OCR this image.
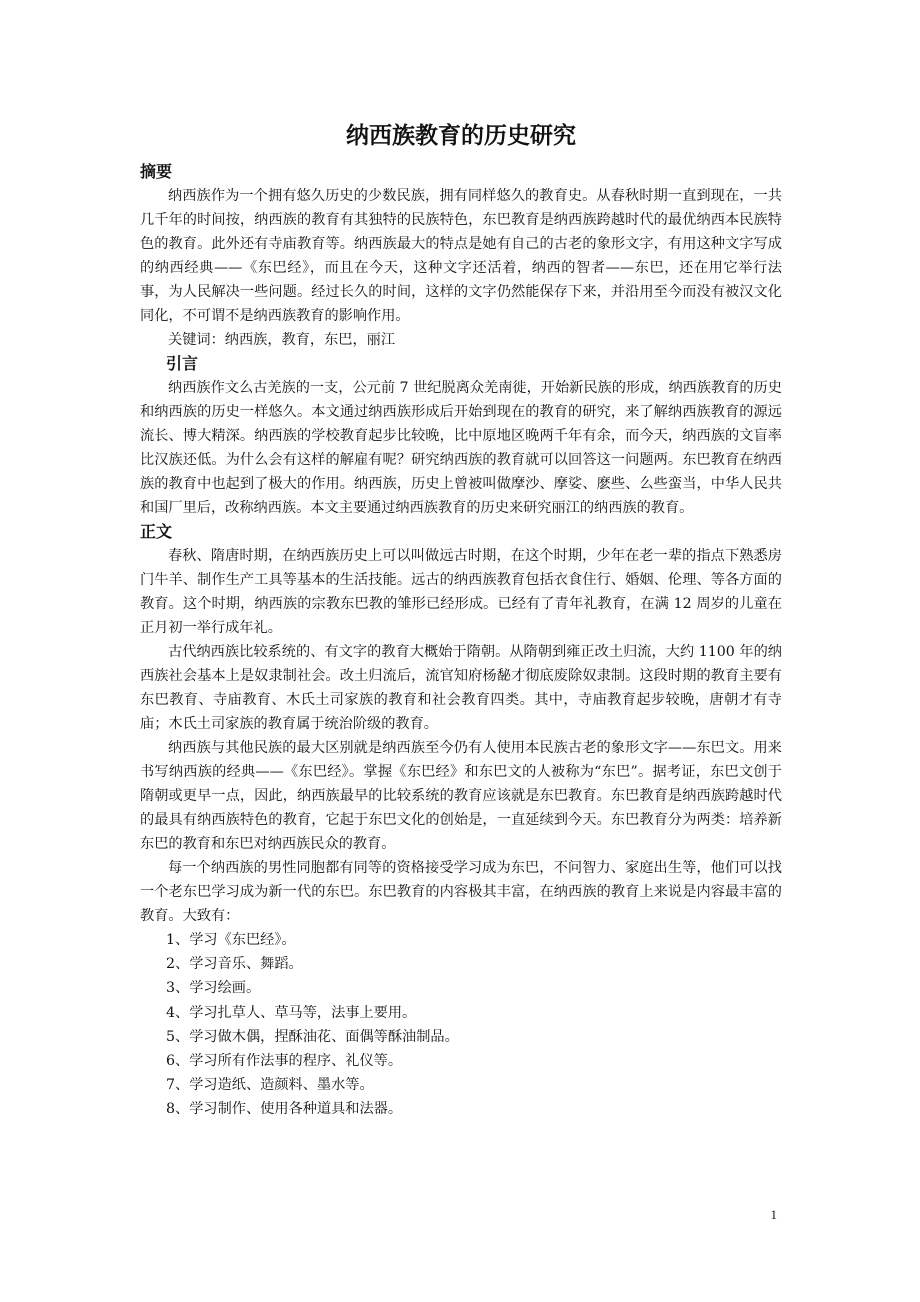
纳西族教育的历史研究
摘要

纳西族作为一个拥有悠久历史的少数民族，拥有同样悠久的教育史。从春秋时期一直到现在，一共几千年的时间按，纳西族的教育有其独特的民族特色，东巴教育是纳西族跨越时代的最优纳西本民族特色的教育。此外还有寺庙教育等。纳西族最大的特点是她有自己的古老的象形文字，有用这种文字写成的纳西经典——《东巴经》，而且在今天，这种文字还活着，纳西的智者——东巴，还在用它举行法事，为人民解决一些问题。经过长久的时间，这样的文字仍然能保存下来，并沿用至今而没有被汉文化同化，不可谓不是纳西族教育的影响作用。

关键词：纳西族，教育，东巴，丽江

引言

纳西族作文么古羌族的一支，公元前 7 世纪脱离众羌南徙，开始新民族的形成，纳西族教育的历史和纳西族的历史一样悠久。本文通过纳西族形成后开始到现在的教育的研究，来了解纳西族教育的源远流长、博大精深。纳西族的学校教育起步比较晚，比中原地区晚两千年有余，而今天，纳西族的文盲率比汉族还低。为什么会有这样的解雇有呢？研究纳西族的教育就可以回答这一问题两。东巴教育在纳西族的教育中也起到了极大的作用。纳西族，历史上曾被叫做摩沙、摩娑、麽些、么些蛮当，中华人民共和国厂里后，改称纳西族。本文主要通过纳西族教育的历史来研究丽江的纳西族的教育。

正文

春秋、隋唐时期，在纳西族历史上可以叫做远古时期，在这个时期，少年在老一辈的指点下熟悉房门牛羊、制作生产工具等基本的生活技能。远古的纳西族教育包括衣食住行、婚姻、伦理、等各方面的教育。这个时期，纳西族的宗教东巴教的雏形已经形成。已经有了青年礼教育，在满 12 周岁的儿童在正月初一举行成年礼。

古代纳西族比较系统的、有文字的教育大概始于隋朝。从隋朝到雍正改土归流，大约 1100 年的纳西族社会基本上是奴隶制社会。改土归流后，流官知府杨馝才彻底废除奴隶制。这段时期的教育主要有东巴教育、寺庙教育、木氏土司家族的教育和社会教育四类。其中，寺庙教育起步较晚，唐朝才有寺庙；木氏土司家族的教育属于统治阶级的教育。

纳西族与其他民族的最大区别就是纳西族至今仍有人使用本民族古老的象形文字——东巴文。用来书写纳西族的经典——《东巴经》。掌握《东巴经》和东巴文的人被称为“东巴”。据考证，东巴文创于隋朝或更早一点，因此，纳西族最早的比较系统的教育应该就是东巴教育。东巴教育是纳西族跨越时代的最具有纳西族特色的教育，它起于东巴文化的创始是，一直延续到今天。东巴教育分为两类：培养新东巴的教育和东巴对纳西族民众的教育。

每一个纳西族的男性同胞都有同等的资格接受学习成为东巴，不问智力、家庭出生等，他们可以找一个老东巴学习成为新一代的东巴。东巴教育的内容极其丰富，在纳西族的教育上来说是内容最丰富的教育。大致有：

1、学习《东巴经》。
2、学习音乐、舞蹈。
3、学习绘画。
4、学习扎草人、草马等，法事上要用。
5、学习做木偶，捏酥油花、面偶等酥油制品。
6、学习所有作法事的程序、礼仪等。
7、学习造纸、造颜料、墨水等。
8、学习制作、使用各种道具和法器。
1
